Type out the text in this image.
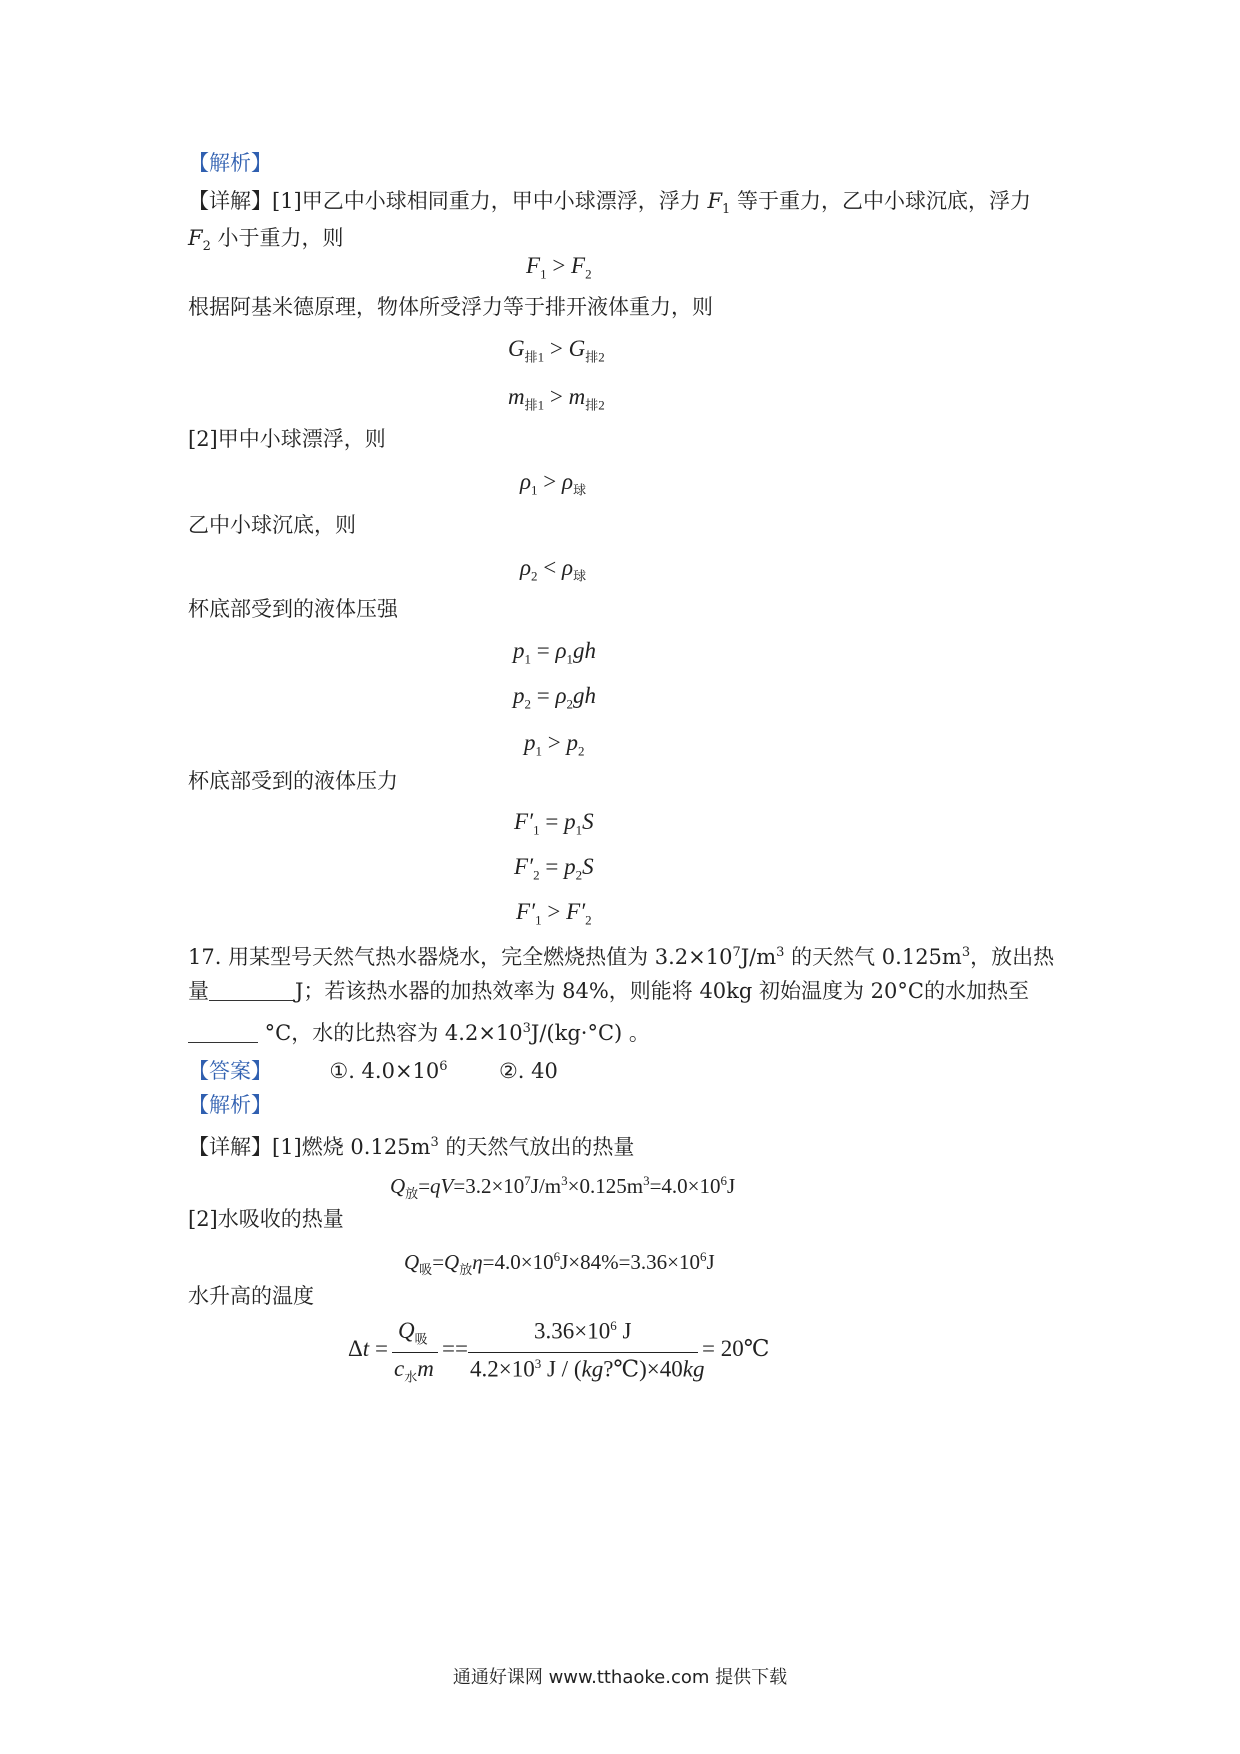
【解析】
【详解】[1]甲乙中小球相同重力，甲中小球漂浮，浮力 $F_1$ 等于重力，乙中小球沉底，浮力
$F_2$ 小于重力，则
$F_1 > F_2$
根据阿基米德原理，物体所受浮力等于排开液体重力，则
$G_{排1} > G_{排2}$
$m_{排1} > m_{排2}$
[2]甲中小球漂浮，则
$\rho_1 > \rho_球$
乙中小球沉底，则
$\rho_2 < \rho_球$
杯底部受到的液体压强
$p_1 = \rho_1gh$
$p_2 = \rho_2gh$
$p_1 > p_2$
杯底部受到的液体压力
$F'_1 = p_1S$
$F'_2 = p_2S$
$F'_1 > F'_2$
17. 用某型号天然气热水器烧水，完全燃烧热值为 $3.2\times 10^7J/m^3$ 的天然气 $0.125m^3$，放出热
量	J；若该热水器的加热效率为 84%，则能将 40kg 初始温度为 20°C的水加热至
°C，水的比热容为 $4.2\times 10^3J/(kg\cdot^\circ C)$ 。
【答案】	①. $4.0\times 10^6$ ②. 40
【解析】
【详解】[1]燃烧 $0.125m^3$ 的天然气放出的热量
$Q_放=qV=3.2\times 10^7J/m^3\times 0.125m^3=4.0\times 10^6J$
[2]水吸收的热量
$Q_吸=Q_放\eta=4.0\times 10^6J\times 84\%=3.36\times 10^6J$
水升高的温度
Δt =
$Q_吸$
$c_水m$
==
$3.36\times 10^6$ J
$4.2\times 10^3$ J / (kg?℃)×40kg
= 20℃
通通好课网 www.tthaoke.com 提供下载
